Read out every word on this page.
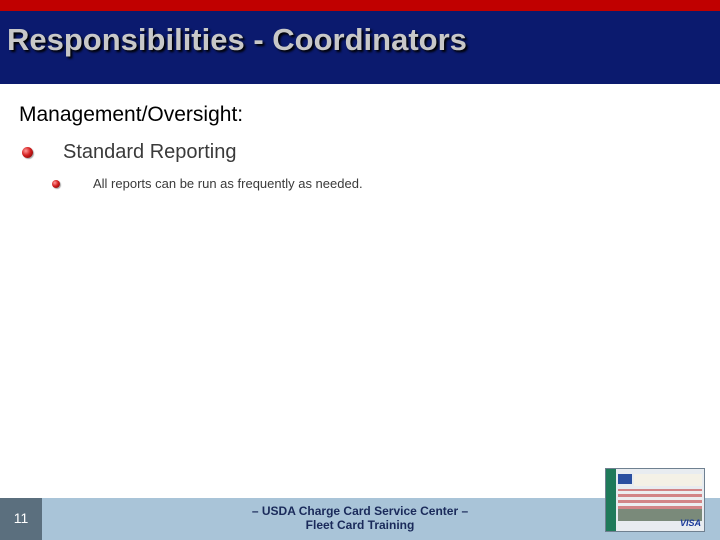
Responsibilities - Coordinators
Management/Oversight:
Standard Reporting
All reports can be run as frequently as needed.
11	– USDA Charge Card Service Center –
Fleet Card Training	VISA
